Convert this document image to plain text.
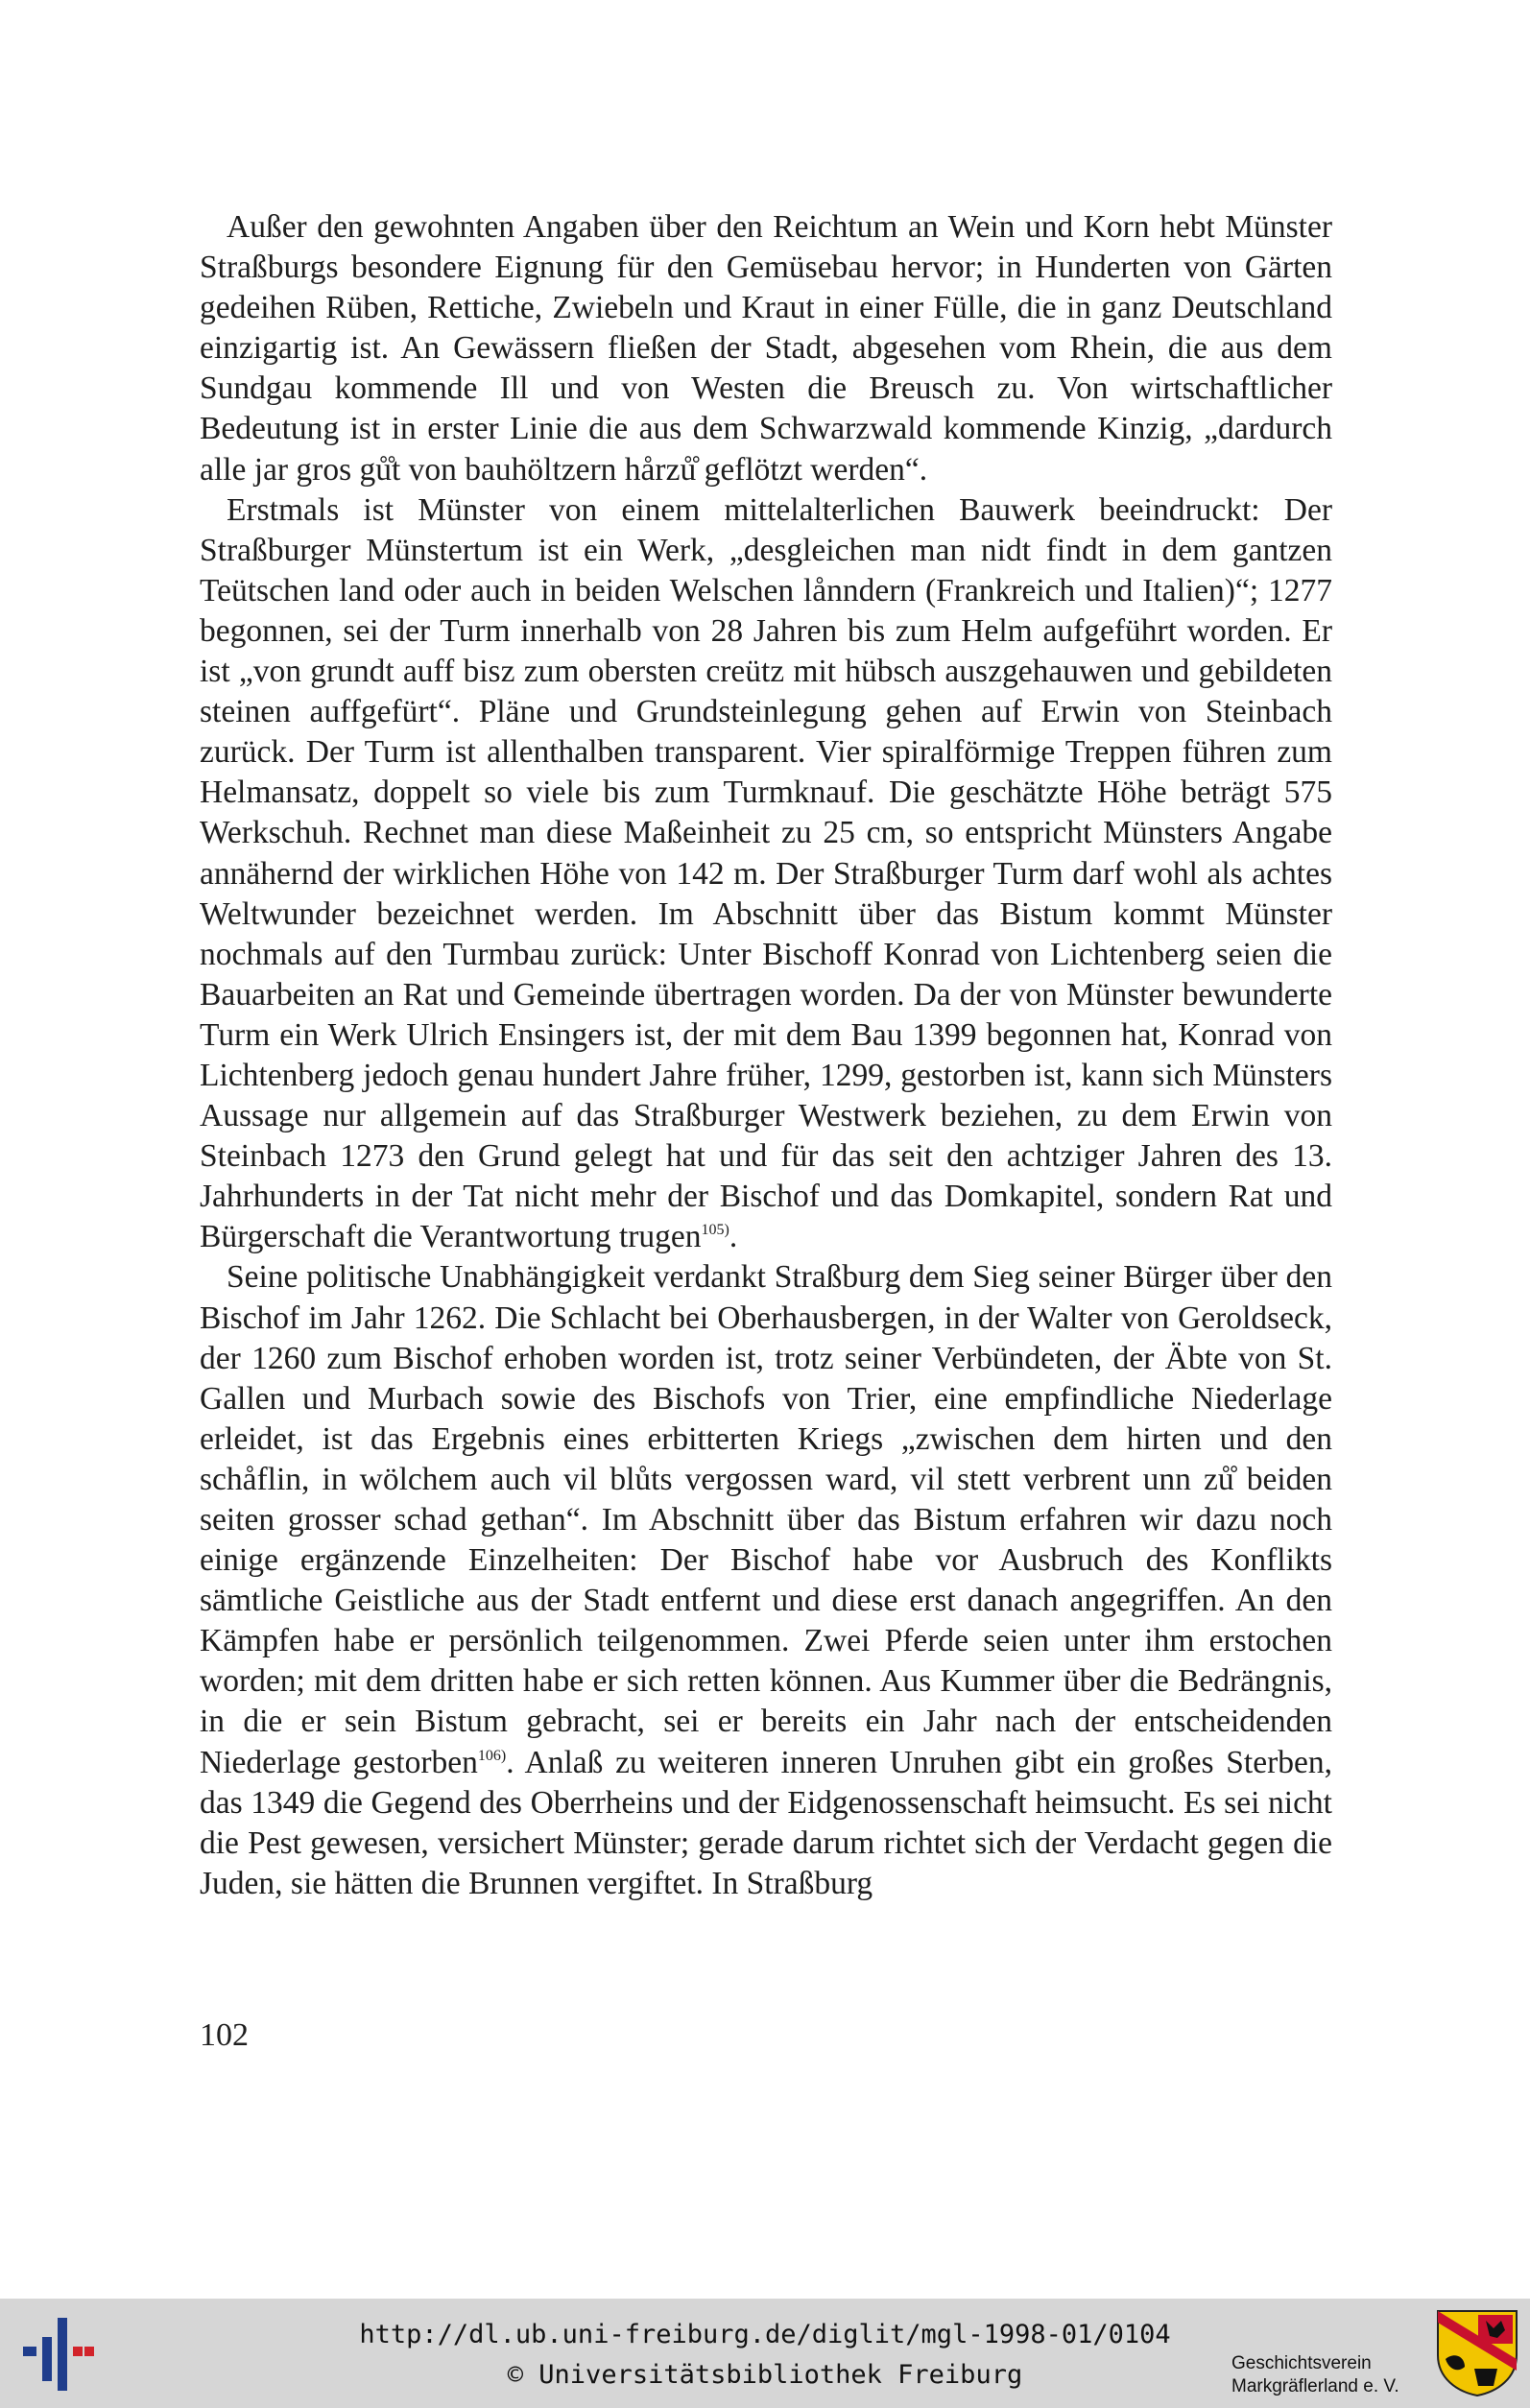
Außer den gewohnten Angaben über den Reichtum an Wein und Korn hebt Münster Straßburgs besondere Eignung für den Gemüsebau hervor; in Hunderten von Gärten gedeihen Rüben, Rettiche, Zwiebeln und Kraut in einer Fülle, die in ganz Deutschland einzigartig ist. An Gewässern fließen der Stadt, abgesehen vom Rhein, die aus dem Sundgau kommende Ill und von Westen die Breusch zu. Von wirtschaftlicher Bedeutung ist in erster Linie die aus dem Schwarzwald kommende Kinzig, „dardurch alle jar gros gů̊t von bauhöltzern hårzů̊ geflötzt werden“.

Erstmals ist Münster von einem mittelalterlichen Bauwerk beeindruckt: Der Straßburger Münstertum ist ein Werk, „desgleichen man nidt findt in dem gantzen Teütschen land oder auch in beiden Welschen lånndern (Frankreich und Italien)“; 1277 begonnen, sei der Turm innerhalb von 28 Jahren bis zum Helm aufgeführt worden. Er ist „von grundt auff bisz zum obersten creütz mit hübsch auszgehauwen und gebildeten steinen auffgefürt“. Pläne und Grundsteinlegung gehen auf Erwin von Steinbach zurück. Der Turm ist allenthalben transparent. Vier spiralförmige Treppen führen zum Helmansatz, doppelt so viele bis zum Turmknauf. Die geschätzte Höhe beträgt 575 Werkschuh. Rechnet man diese Maßeinheit zu 25 cm, so entspricht Münsters Angabe annähernd der wirklichen Höhe von 142 m. Der Straßburger Turm darf wohl als achtes Weltwunder bezeichnet werden. Im Abschnitt über das Bistum kommt Münster nochmals auf den Turmbau zurück: Unter Bischoff Konrad von Lichtenberg seien die Bauarbeiten an Rat und Gemeinde übertragen worden. Da der von Münster bewunderte Turm ein Werk Ulrich Ensingers ist, der mit dem Bau 1399 begonnen hat, Konrad von Lichtenberg jedoch genau hundert Jahre früher, 1299, gestorben ist, kann sich Münsters Aussage nur allgemein auf das Straßburger Westwerk beziehen, zu dem Erwin von Steinbach 1273 den Grund gelegt hat und für das seit den achtziger Jahren des 13. Jahrhunderts in der Tat nicht mehr der Bischof und das Domkapitel, sondern Rat und Bürgerschaft die Verantwortung trugen$^{105)}$.

Seine politische Unabhängigkeit verdankt Straßburg dem Sieg seiner Bürger über den Bischof im Jahr 1262. Die Schlacht bei Oberhausbergen, in der Walter von Geroldseck, der 1260 zum Bischof erhoben worden ist, trotz seiner Verbündeten, der Äbte von St. Gallen und Murbach sowie des Bischofs von Trier, eine empfindliche Niederlage erleidet, ist das Ergebnis eines erbitterten Kriegs „zwischen dem hirten und den schåflin, in wölchem auch vil blůts vergossen ward, vil stett verbrent unn zů̊ beiden seiten grosser schad gethan“. Im Abschnitt über das Bistum erfahren wir dazu noch einige ergänzende Einzelheiten: Der Bischof habe vor Ausbruch des Konflikts sämtliche Geistliche aus der Stadt entfernt und diese erst danach angegriffen. An den Kämpfen habe er persönlich teilgenommen. Zwei Pferde seien unter ihm erstochen worden; mit dem dritten habe er sich retten können. Aus Kummer über die Bedrängnis, in die er sein Bistum gebracht, sei er bereits ein Jahr nach der entscheidenden Niederlage gestorben$^{106)}$. Anlaß zu weiteren inneren Unruhen gibt ein großes Sterben, das 1349 die Gegend des Oberrheins und der Eidgenossenschaft heimsucht. Es sei nicht die Pest gewesen, versichert Münster; gerade darum richtet sich der Verdacht gegen die Juden, sie hätten die Brunnen vergiftet. In Straßburg

102
http://dl.ub.uni-freiburg.de/diglit/mgl-1998-01/0104
© Universitätsbibliothek Freiburg	Geschichtsverein
Markgräflerland e. V.
